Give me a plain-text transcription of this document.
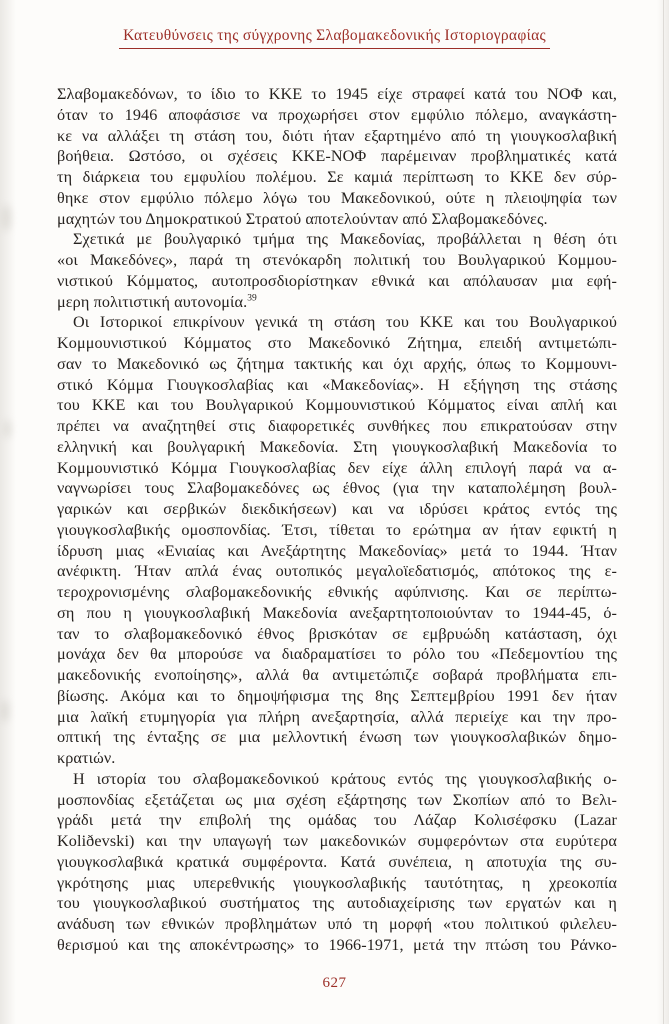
Κατευθύνσεις της σύγχρονης Σλαβομακεδονικής Ιστοριογραφίας
Σλαβομακεδόνων, το ίδιο το ΚΚΕ το 1945 είχε στραφεί κατά του ΝΟΦ και,
όταν το 1946 αποφάσισε να προχωρήσει στον εμφύλιο πόλεμο, αναγκάστη-
κε να αλλάξει τη στάση του, διότι ήταν εξαρτημένο από τη γιουγκοσλαβική
βοήθεια. Ωστόσο, οι σχέσεις ΚΚΕ-ΝΟΦ παρέμειναν προβληματικές κατά
τη διάρκεια του εμφυλίου πολέμου. Σε καμιά περίπτωση το ΚΚΕ δεν σύρ-
θηκε στον εμφύλιο πόλεμο λόγω του Μακεδονικού, ούτε η πλειοψηφία των
μαχητών του Δημοκρατικού Στρατού αποτελούνταν από Σλαβομακεδόνες.
Σχετικά με βουλγαρικό τμήμα της Μακεδονίας, προβάλλεται η θέση ότι
«οι Μακεδόνες», παρά τη στενόκαρδη πολιτική του Βουλγαρικού Κομμου-
νιστικού Κόμματος, αυτοπροσδιορίστηκαν εθνικά και απόλαυσαν μια εφή-
μερη πολιτιστική αυτονομία.$^{39}$
Οι Ιστορικοί επικρίνουν γενικά τη στάση του ΚΚΕ και του Βουλγαρικού
Κομμουνιστικού Κόμματος στο Μακεδονικό Ζήτημα, επειδή αντιμετώπι-
σαν το Μακεδονικό ως ζήτημα τακτικής και όχι αρχής, όπως το Κομμουνι-
στικό Κόμμα Γιουγκοσλαβίας και «Μακεδονίας». Η εξήγηση της στάσης
του ΚΚΕ και του Βουλγαρικού Κομμουνιστικού Κόμματος είναι απλή και
πρέπει να αναζητηθεί στις διαφορετικές συνθήκες που επικρατούσαν στην
ελληνική και βουλγαρική Μακεδονία. Στη γιουγκοσλαβική Μακεδονία το
Κομμουνιστικό Κόμμα Γιουγκοσλαβίας δεν είχε άλλη επιλογή παρά να α-
ναγνωρίσει τους Σλαβομακεδόνες ως έθνος (για την καταπολέμηση βουλ-
γαρικών και σερβικών διεκδικήσεων) και να ιδρύσει κράτος εντός της
γιουγκοσλαβικής ομοσπονδίας. Έτσι, τίθεται το ερώτημα αν ήταν εφικτή η
ίδρυση μιας «Ενιαίας και Ανεξάρτητης Μακεδονίας» μετά το 1944. Ήταν
ανέφικτη. Ήταν απλά ένας ουτοπικός μεγαλοϊεδατισμός, απότοκος της ε-
τεροχρονισμένης σλαβομακεδονικής εθνικής αφύπνισης. Και σε περίπτω-
ση που η γιουγκοσλαβική Μακεδονία ανεξαρτητοποιούνταν το 1944-45, ό-
ταν το σλαβομακεδονικό έθνος βρισκόταν σε εμβρυώδη κατάσταση, όχι
μονάχα δεν θα μπορούσε να διαδραματίσει το ρόλο του «Πεδεμοντίου της
μακεδονικής ενοποίησης», αλλά θα αντιμετώπιζε σοβαρά προβλήματα επι-
βίωσης. Ακόμα και το δημοψήφισμα της 8ης Σεπτεμβρίου 1991 δεν ήταν
μια λαϊκή ετυμηγορία για πλήρη ανεξαρτησία, αλλά περιείχε και την προ-
οπτική της ένταξης σε μια μελλοντική ένωση των γιουγκοσλαβικών δημο-
κρατιών.
Η ιστορία του σλαβομακεδονικού κράτους εντός της γιουγκοσλαβικής ο-
μοσπονδίας εξετάζεται ως μια σχέση εξάρτησης των Σκοπίων από το Βελι-
γράδι μετά την επιβολή της ομάδας του Λάζαρ Κολισέφσκυ (Lazar
Koliðevski) και την υπαγωγή των μακεδονικών συμφερόντων στα ευρύτερα
γιουγκοσλαβικά κρατικά συμφέροντα. Κατά συνέπεια, η αποτυχία της συ-
γκρότησης μιας υπερεθνικής γιουγκοσλαβικής ταυτότητας, η χρεοκοπία
του γιουγκοσλαβικού συστήματος της αυτοδιαχείρισης των εργατών και η
ανάδυση των εθνικών προβλημάτων υπό τη μορφή «του πολιτικού φιλελευ-
θερισμού και της αποκέντρωσης» το 1966-1971, μετά την πτώση του Ράνκο-
627
